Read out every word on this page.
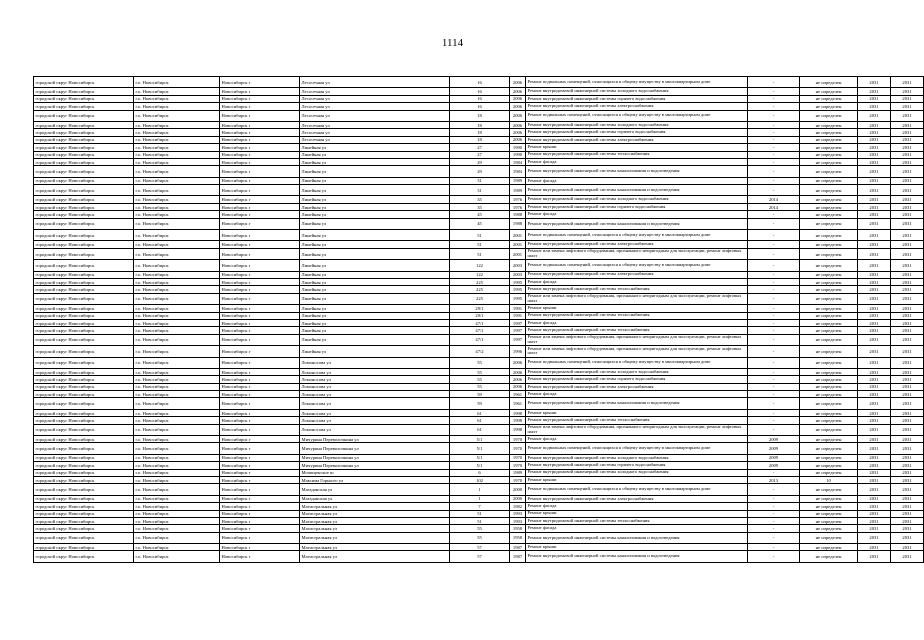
1114
городской округ Новосибирск	г.о. Новосибирск	Новосибирск г	Лесосечная ул	16	2006	Ремонт подвальных помещений, относящихся к общему имуществу в многоквартирном доме	-	не определен	2031	2031
городской округ Новосибирск	г.о. Новосибирск	Новосибирск г	Лесосечная ул	16	2006	Ремонт внутридомовой инженерной системы холодного водоснабжения	-	не определен	2031	2031
городской округ Новосибирск	г.о. Новосибирск	Новосибирск г	Лесосечная ул	16	2006	Ремонт внутридомовой инженерной системы горячего водоснабжения	-	не определен	2031	2031
городской округ Новосибирск	г.о. Новосибирск	Новосибирск г	Лесосечная ул	16	2006	Ремонт внутридомовой инженерной системы электроснабжения	-	не определен	2031	2031
городской округ Новосибирск	г.о. Новосибирск	Новосибирск г	Лесосечная ул	18	2006	Ремонт подвальных помещений, относящихся к общему имуществу в многоквартирном доме	-	не определен	2031	2031
городской округ Новосибирск	г.о. Новосибирск	Новосибирск г	Лесосечная ул	18	2006	Ремонт внутридомовой инженерной системы холодного водоснабжения	-	не определен	2031	2031
городской округ Новосибирск	г.о. Новосибирск	Новосибирск г	Лесосечная ул	18	2006	Ремонт внутридомовой инженерной системы горячего водоснабжения	-	не определен	2031	2031
городской округ Новосибирск	г.о. Новосибирск	Новосибирск г	Лесосечная ул	18	2006	Ремонт внутридомовой инженерной системы электроснабжения	-	не определен	2031	2031
городской округ Новосибирск	г.о. Новосибирск	Новосибирск г	Линейная ул	27	1990	Ремонт крыши	-	не определен	2031	2031
городской округ Новосибирск	г.о. Новосибирск	Новосибирск г	Линейная ул	27	1990	Ремонт внутридомовой инженерной системы теплоснабжения	-	не определен	2031	2031
городской округ Новосибирск	г.о. Новосибирск	Новосибирск г	Линейная ул	29	1984	Ремонт фасада	-	не определен	2031	2031
городской округ Новосибирск	г.о. Новосибирск	Новосибирск г	Линейная ул	29	1984	Ремонт внутридомовой инженерной системы канализования и водоотведения	-	не определен	2031	2031
городской округ Новосибирск	г.о. Новосибирск	Новосибирск г	Линейная ул	31	1989	Ремонт фасада	-	не определен	2031	2031
городской округ Новосибирск	г.о. Новосибирск	Новосибирск г	Линейная ул	31	1989	Ремонт внутридомовой инженерной системы канализования и водоотведения	-	не определен	2031	2031
городской округ Новосибирск	г.о. Новосибирск	Новосибирск г	Линейная ул	35	1976	Ремонт внутридомовой инженерной системы холодного водоснабжения	2014	не определен	2031	2031
городской округ Новосибирск	г.о. Новосибирск	Новосибирск г	Линейная ул	35	1976	Ремонт внутридомовой инженерной системы горячего водоснабжения	2014	не определен	2031	2031
городской округ Новосибирск	г.о. Новосибирск	Новосибирск г	Линейная ул	45	1988	Ремонт фасада	-	не определен	2031	2031
городской округ Новосибирск	г.о. Новосибирск	Новосибирск г	Линейная ул	45	1988	Ремонт внутридомовой инженерной системы канализования и водоотведения	-	не определен	2031	2031
городской округ Новосибирск	г.о. Новосибирск	Новосибирск г	Линейная ул	51	2001	Ремонт подвальных помещений, относящихся к общему имуществу в многоквартирном доме	-	не определен	2031	2031
городской округ Новосибирск	г.о. Новосибирск	Новосибирск г	Линейная ул	51	2001	Ремонт внутридомовой инженерной системы электроснабжения	-	не определен	2031	2031
городской округ Новосибирск	г.о. Новосибирск	Новосибирск г	Линейная ул	51	2001	Ремонт или замена лифтового оборудования, признанного непригодным для эксплуатации, ремонт лифтовых шахт	-	не определен	2031	2031
городской округ Новосибирск	г.о. Новосибирск	Новосибирск г	Линейная ул	122	2003	Ремонт подвальных помещений, относящихся к общему имуществу в многоквартирном доме	-	не определен	2031	2031
городской округ Новосибирск	г.о. Новосибирск	Новосибирск г	Линейная ул	122	2003	Ремонт внутридомовой инженерной системы электроснабжения	-	не определен	2031	2031
городской округ Новосибирск	г.о. Новосибирск	Новосибирск г	Линейная ул	225	1995	Ремонт фасада	-	не определен	2031	2031
городской округ Новосибирск	г.о. Новосибирск	Новосибирск г	Линейная ул	225	1995	Ремонт внутридомовой инженерной системы теплоснабжения	-	не определен	2031	2031
городской округ Новосибирск	г.о. Новосибирск	Новосибирск г	Линейная ул	225	1995	Ремонт или замена лифтового оборудования, признанного непригодным для эксплуатации, ремонт лифтовых шахт	-	не определен	2031	2031
городской округ Новосибирск	г.о. Новосибирск	Новосибирск г	Линейная ул	29/1	1991	Ремонт крыши	-	не определен	2031	2031
городской округ Новосибирск	г.о. Новосибирск	Новосибирск г	Линейная ул	29/1	1991	Ремонт внутридомовой инженерной системы теплоснабжения	-	не определен	2031	2031
городской округ Новосибирск	г.о. Новосибирск	Новосибирск г	Линейная ул	47/1	1997	Ремонт фасада	-	не определен	2031	2031
городской округ Новосибирск	г.о. Новосибирск	Новосибирск г	Линейная ул	47/1	1997	Ремонт внутридомовой инженерной системы теплоснабжения	-	не определен	2031	2031
городской округ Новосибирск	г.о. Новосибирск	Новосибирск г	Линейная ул	47/1	1997	Ремонт или замена лифтового оборудования, признанного непригодным для эксплуатации, ремонт лифтовых шахт	-	не определен	2031	2031
городской округ Новосибирск	г.о. Новосибирск	Новосибирск г	Линейная ул	47/2	1996	Ремонт или замена лифтового оборудования, признанного непригодным для эксплуатации, ремонт лифтовых шахт	-	не определен	2031	2031
городской округ Новосибирск	г.о. Новосибирск	Новосибирск г	Ломоносова ул	55	2006	Ремонт подвальных помещений, относящихся к общему имуществу в многоквартирном доме	-	не определен	2031	2031
городской округ Новосибирск	г.о. Новосибирск	Новосибирск г	Ломоносова ул	55	2006	Ремонт внутридомовой инженерной системы холодного водоснабжения	-	не определен	2031	2031
городской округ Новосибирск	г.о. Новосибирск	Новосибирск г	Ломоносова ул	55	2006	Ремонт внутридомовой инженерной системы горячего водоснабжения	-	не определен	2031	2031
городской округ Новосибирск	г.о. Новосибирск	Новосибирск г	Ломоносова ул	55	2006	Ремонт внутридомовой инженерной системы электроснабжения	-	не определен	2031	2031
городской округ Новосибирск	г.о. Новосибирск	Новосибирск г	Ломоносова ул	59	1961	Ремонт фасада	-	не определен	2031	2031
городской округ Новосибирск	г.о. Новосибирск	Новосибирск г	Ломоносова ул	59	1961	Ремонт внутридомовой инженерной системы канализования и водоотведения	-	не определен	2031	2031
городской округ Новосибирск	г.о. Новосибирск	Новосибирск г	Ломоносова ул	61	1998	Ремонт крыши	-	не определен	2031	2031
городской округ Новосибирск	г.о. Новосибирск	Новосибирск г	Ломоносова ул	61	1998	Ремонт внутридомовой инженерной системы теплоснабжения	-	не определен	2031	2031
городской округ Новосибирск	г.о. Новосибирск	Новосибирск г	Ломоносова ул	61	1998	Ремонт или замена лифтового оборудования, признанного непригодным для эксплуатации, ремонт лифтовых шахт	-	не определен	2031	2031
городской округ Новосибирск	г.о. Новосибирск	Новосибирск г	Мичурина Переволочкина ул	5/1	1970	Ремонт фасада	2009	не определен	2031	2031
городской округ Новосибирск	г.о. Новосибирск	Новосибирск г	Мичурина Переволочкина ул	5/1	1970	Ремонт подвальных помещений, относящихся к общему имуществу в многоквартирном доме	2009	не определен	2031	2031
городской округ Новосибирск	г.о. Новосибирск	Новосибирск г	Мичурина Переволочкина ул	5/1	1970	Ремонт внутридомовой инженерной системы холодного водоснабжения	2009	не определен	2031	2031
городской округ Новосибирск	г.о. Новосибирск	Новосибирск г	Мичурина Переволочкина ул	5/1	1970	Ремонт внутридомовой инженерной системы горячего водоснабжения	2009	не определен	2031	2031
городской округ Новосибирск	г.о. Новосибирск	Новосибирск г	Мочищенское ш	6	1989	Ремонт внутридомовой инженерной системы холодного водоснабжения	-	не определен	2031	2031
городской округ Новосибирск	г.о. Новосибирск	Новосибирск г	Максима Горького ул	102	1970	Ремонт крыши	2013	10	2031	2031
городской округ Новосибирск	г.о. Новосибирск	Новосибирск г	Магаданская ул	1	2000	Ремонт подвальных помещений, относящихся к общему имуществу в многоквартирном доме	-	не определен	2031	2031
городской округ Новосибирск	г.о. Новосибирск	Новосибирск г	Магаданская ул	1	2000	Ремонт внутридомовой инженерной системы электроснабжения	-	не определен	2031	2031
городской округ Новосибирск	г.о. Новосибирск	Новосибирск г	Магистральная ул	7	1982	Ремонт фасада	-	не определен	2031	2031
городской округ Новосибирск	г.о. Новосибирск	Новосибирск г	Магистральная ул	51	1993	Ремонт крыши	-	не определен	2031	2031
городской округ Новосибирск	г.о. Новосибирск	Новосибирск г	Магистральная ул	51	1993	Ремонт внутридомовой инженерной системы теплоснабжения	-	не определен	2031	2031
городской округ Новосибирск	г.о. Новосибирск	Новосибирск г	Магистральная ул	55	1958	Ремонт фасада	-	не определен	2031	2031
городской округ Новосибирск	г.о. Новосибирск	Новосибирск г	Магистральная ул	55	1958	Ремонт внутридомовой инженерной системы канализования и водоотведения	-	не определен	2031	2031
городской округ Новосибирск	г.о. Новосибирск	Новосибирск г	Магистральная ул	57	1987	Ремонт крыши	-	не определен	2031	2031
городской округ Новосибирск	г.о. Новосибирск	Новосибирск г	Магистральная ул	57	1987	Ремонт внутридомовой инженерной системы канализования и водоотведения	-	не определен	2031	2031
